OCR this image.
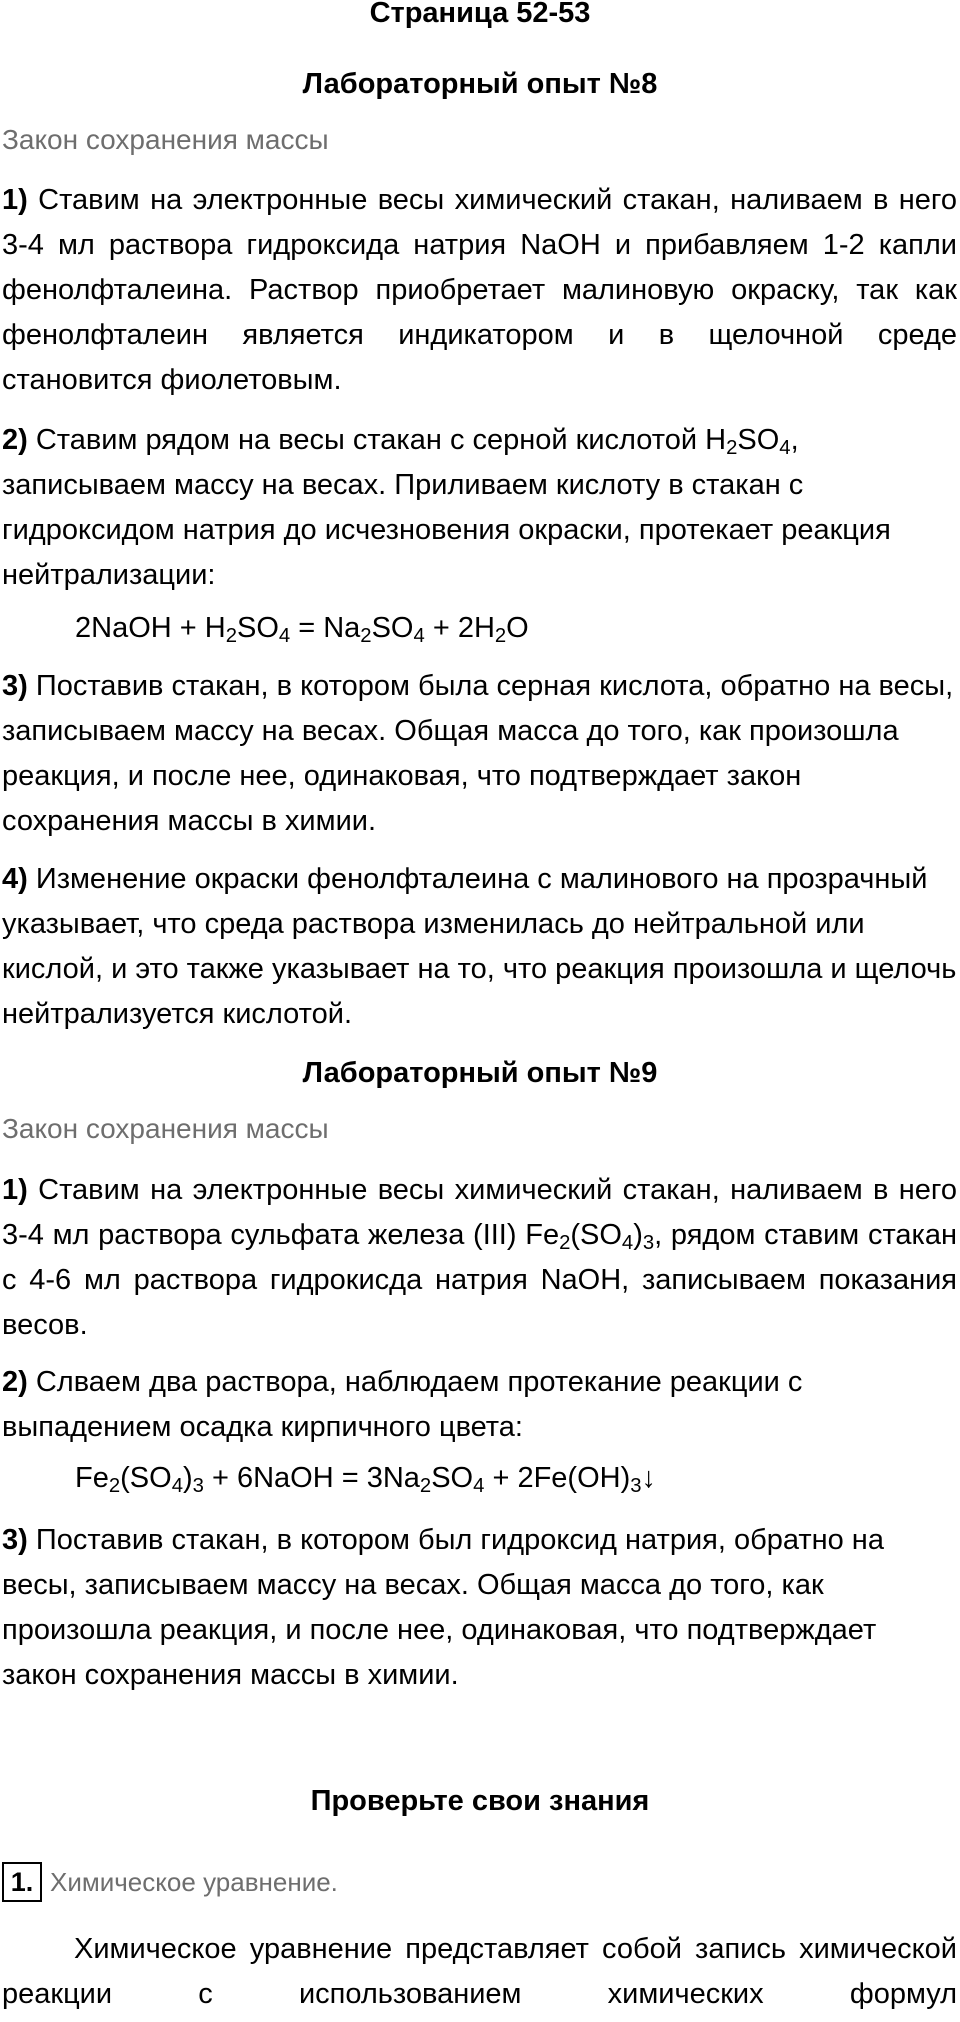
Страница 52-53
Лабораторный опыт №8
Закон сохранения массы
1) Ставим на электронные весы химический стакан, наливаем в него 3-4 мл раствора гидроксида натрия NaOH и прибавляем 1-2 капли фенолфталеина. Раствор приобретает малиновую окраску, так как фенолфталеин является индикатором и в щелочной среде становится фиолетовым.
2) Ставим рядом на весы стакан с серной кислотой $H_2SO_4$, записываем массу на весах. Приливаем кислоту в стакан с гидроксидом натрия до исчезновения окраски, протекает реакция нейтрализации:
2NaOH + $H_2SO_4 = Na_2SO_4 + 2H_2O$
3) Поставив стакан, в котором была серная кислота, обратно на весы, записываем массу на весах. Общая масса до того, как произошла реакция, и после нее, одинаковая, что подтверждает закон сохранения массы в химии.
4) Изменение окраски фенолфталеина с малинового на прозрачный указывает, что среда раствора изменилась до нейтральной или кислой, и это также указывает на то, что реакция произошла и щелочь нейтрализуется кислотой.
Лабораторный опыт №9
Закон сохранения массы
1) Ставим на электронные весы химический стакан, наливаем в него 3-4 мл раствора сульфата железа (III) $Fe_2(SO_4)_3$, рядом ставим стакан с 4-6 мл раствора гидрокисда натрия NaOH, записываем показания весов.
2) Слваем два раствора, наблюдаем протекание реакции с выпадением осадка кирпичного цвета:
$Fe_2(SO_4)_3$ + 6NaOH = $3Na_2SO_4$ + $2Fe(OH)_3↓$
3) Поставив стакан, в котором был гидроксид натрия, обратно на весы, записываем массу на весах. Общая масса до того, как произошла реакция, и после нее, одинаковая, что подтверждает закон сохранения массы в химии.
Проверьте свои знания
1. Химическое уравнение.
Химическое уравнение представляет собой запись химической реакции с использованием химических формул
